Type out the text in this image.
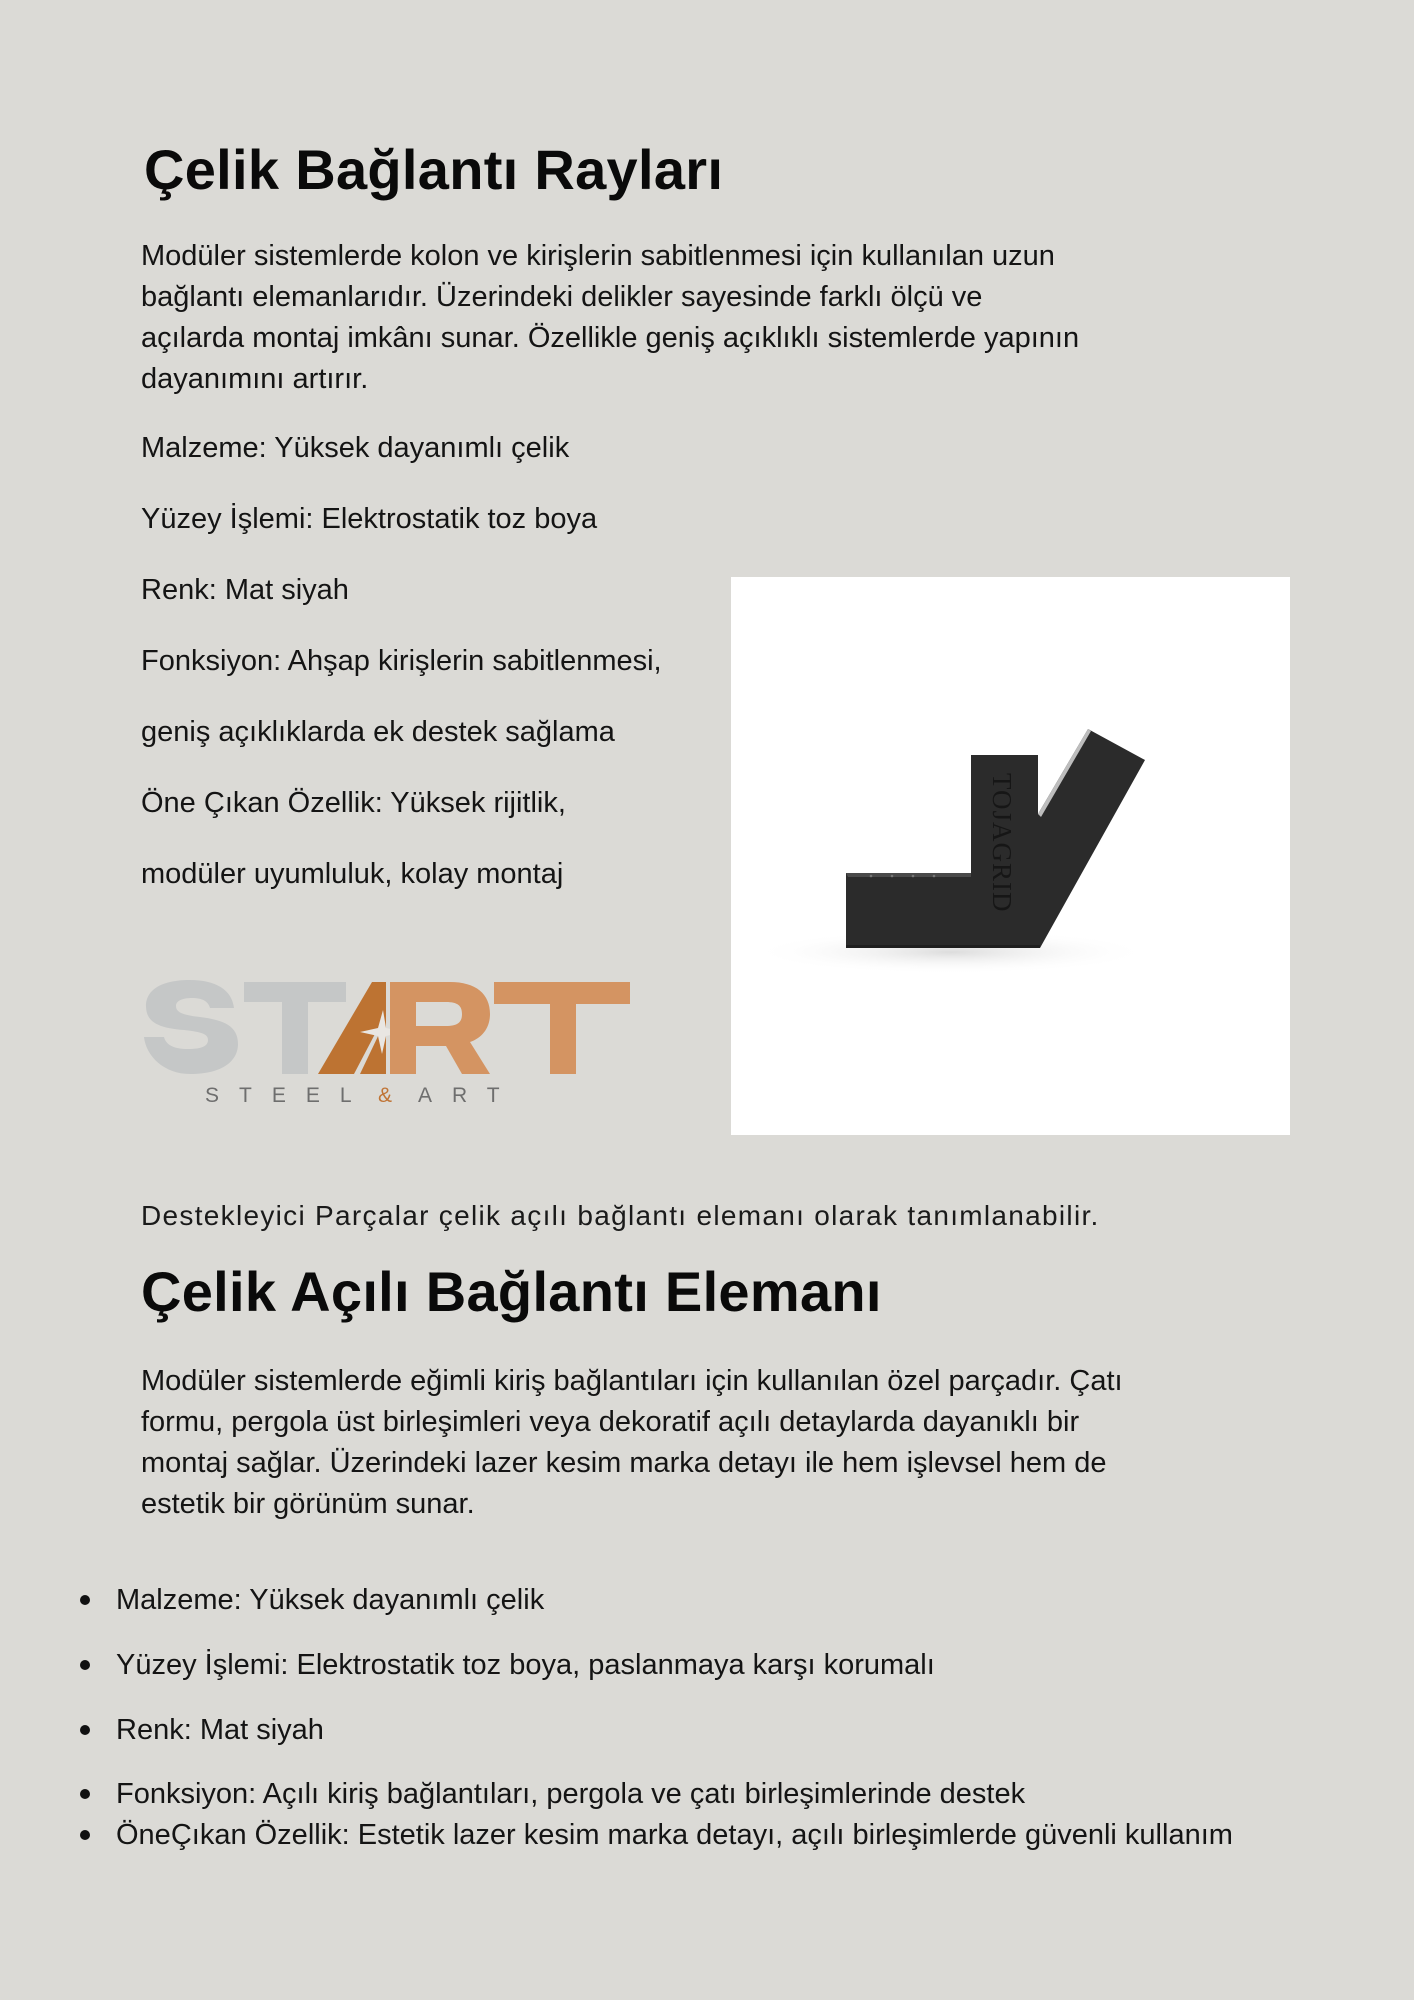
Çelik Bağlantı Rayları
Modüler sistemlerde kolon ve kirişlerin sabitlenmesi için kullanılan uzun
bağlantı elemanlarıdır. Üzerindeki delikler sayesinde farklı ölçü ve
açılarda montaj imkânı sunar. Özellikle geniş açıklıklı sistemlerde yapının
dayanımını artırır.
Malzeme: Yüksek dayanımlı çelik
Yüzey İşlemi: Elektrostatik toz boya
Renk: Mat siyah
Fonksiyon: Ahşap kirişlerin sabitlenmesi,
geniş açıklıklarda ek destek sağlama
Öne Çıkan Özellik: Yüksek rijitlik,
modüler uyumluluk, kolay montaj
STEEL & ART
TOJAGRID
Destekleyici Parçalar çelik açılı bağlantı elemanı olarak tanımlanabilir.
Çelik Açılı Bağlantı Elemanı
Modüler sistemlerde eğimli kiriş bağlantıları için kullanılan özel parçadır. Çatı
formu, pergola üst birleşimleri veya dekoratif açılı detaylarda dayanıklı bir
montaj sağlar. Üzerindeki lazer kesim marka detayı ile hem işlevsel hem de
estetik bir görünüm sunar.
Malzeme: Yüksek dayanımlı çelik
Yüzey İşlemi: Elektrostatik toz boya, paslanmaya karşı korumalı
Renk: Mat siyah
Fonksiyon: Açılı kiriş bağlantıları, pergola ve çatı birleşimlerinde destek
ÖneÇıkan Özellik: Estetik lazer kesim marka detayı, açılı birleşimlerde güvenli kullanım
